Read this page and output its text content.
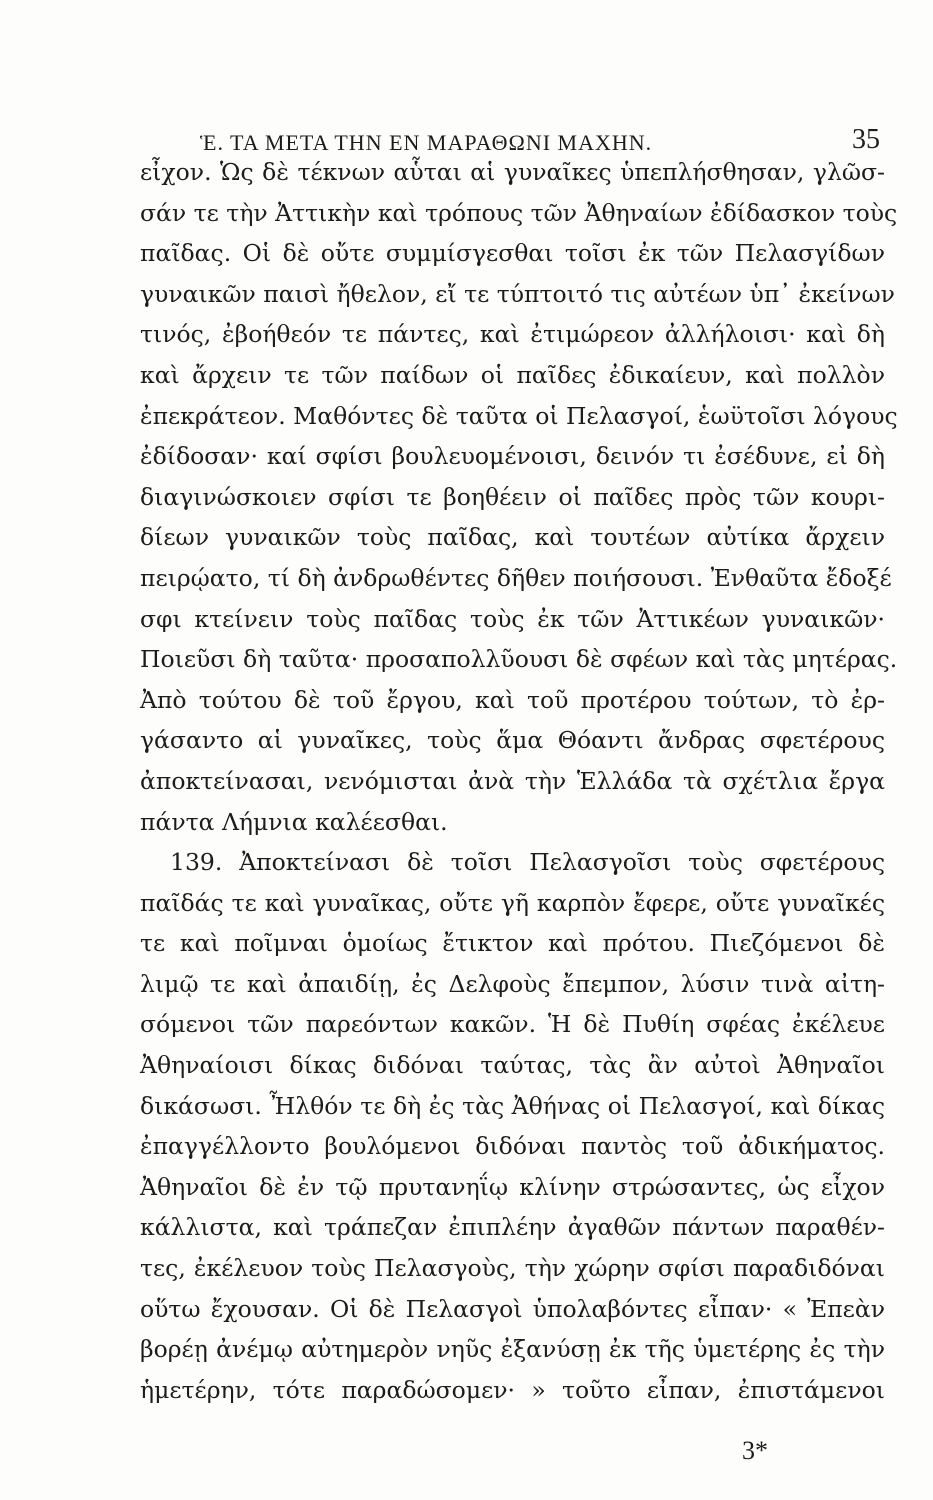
Ἑ. ΤΑ ΜΕΤΑ ΤΗΝ ΕΝ ΜΑΡΑΘΩΝΙ ΜΑΧΗΝ.	35
εἶχον. Ὡς δὲ τέκνων αὗται αἱ γυναῖκες ὑπεπλήσθησαν, γλῶσ-
σάν τε τὴν Ἀττικὴν καὶ τρόπους τῶν Ἀθηναίων ἐδίδασκον τοὺς
παῖδας. Οἱ δὲ οὔτε συμμίσγεσθαι τοῖσι ἐκ τῶν Πελασγίδων
γυναικῶν παισὶ ἤθελον, εἴ τε τύπτοιτό τις αὐτέων ὑπ᾽ ἐκείνων
τινός, ἐβοήθεόν τε πάντες, καὶ ἐτιμώρεον ἀλλήλοισι· καὶ δὴ
καὶ ἄρχειν τε τῶν παίδων οἱ παῖδες ἐδικαίευν, καὶ πολλὸν
ἐπεκράτεον. Μαθόντες δὲ ταῦτα οἱ Πελασγοί, ἑωϋτοῖσι λόγους
ἐδίδοσαν· καί σφίσι βουλευομένοισι, δεινόν τι ἐσέδυνε, εἰ δὴ
διαγινώσκοιεν σφίσι τε βοηθέειν οἱ παῖδες πρὸς τῶν κουρι-
δίεων γυναικῶν τοὺς παῖδας, καὶ τουτέων αὐτίκα ἄρχειν
πειρῴατο, τί δὴ ἀνδρωθέντες δῆθεν ποιήσουσι. Ἐνθαῦτα ἔδοξέ
σφι κτείνειν τοὺς παῖδας τοὺς ἐκ τῶν Ἀττικέων γυναικῶν·
Ποιεῦσι δὴ ταῦτα· προσαπολλῦουσι δὲ σφέων καὶ τὰς μητέρας.
Ἀπὸ τούτου δὲ τοῦ ἔργου, καὶ τοῦ προτέρου τούτων, τὸ ἐρ-
γάσαντο αἱ γυναῖκες, τοὺς ἅμα Θόαντι ἄνδρας σφετέρους
ἀποκτείνασαι, νενόμισται ἀνὰ τὴν Ἑλλάδα τὰ σχέτλια ἔργα
πάντα Λήμνια καλέεσθαι.
139. Ἀποκτείνασι δὲ τοῖσι Πελασγοῖσι τοὺς σφετέρους
παῖδάς τε καὶ γυναῖκας, οὔτε γῆ καρπὸν ἔφερε, οὔτε γυναῖκές
τε καὶ ποῖμναι ὁμοίως ἔτικτον καὶ πρότου. Πιεζόμενοι δὲ
λιμῷ τε καὶ ἀπαιδίῃ, ἐς Δελφοὺς ἔπεμπον, λύσιν τινὰ αἰτη-
σόμενοι τῶν παρεόντων κακῶν. Ἡ δὲ Πυθίη σφέας ἐκέλευε
Ἀθηναίοισι δίκας διδόναι ταύτας, τὰς ἂν αὐτοὶ Ἀθηναῖοι
δικάσωσι. Ἦλθόν τε δὴ ἐς τὰς Ἀθήνας οἱ Πελασγοί, καὶ δίκας
ἐπαγγέλλοντο βουλόμενοι διδόναι παντὸς τοῦ ἀδικήματος.
Ἀθηναῖοι δὲ ἐν τῷ πρυτανηΐῳ κλίνην στρώσαντες, ὡς εἶχον
κάλλιστα, καὶ τράπεζαν ἐπιπλέην ἀγαθῶν πάντων παραθέν-
τες, ἐκέλευον τοὺς Πελασγοὺς, τὴν χώρην σφίσι παραδιδόναι
οὕτω ἔχουσαν. Οἱ δὲ Πελασγοὶ ὑπολαβόντες εἶπαν· « Ἐπεὰν
βορέῃ ἀνέμῳ αὐτημερὸν νηῦς ἐξανύσῃ ἐκ τῆς ὑμετέρης ἐς τὴν
ἡμετέρην, τότε παραδώσομεν· » τοῦτο εἶπαν, ἐπιστάμενοι
3*
